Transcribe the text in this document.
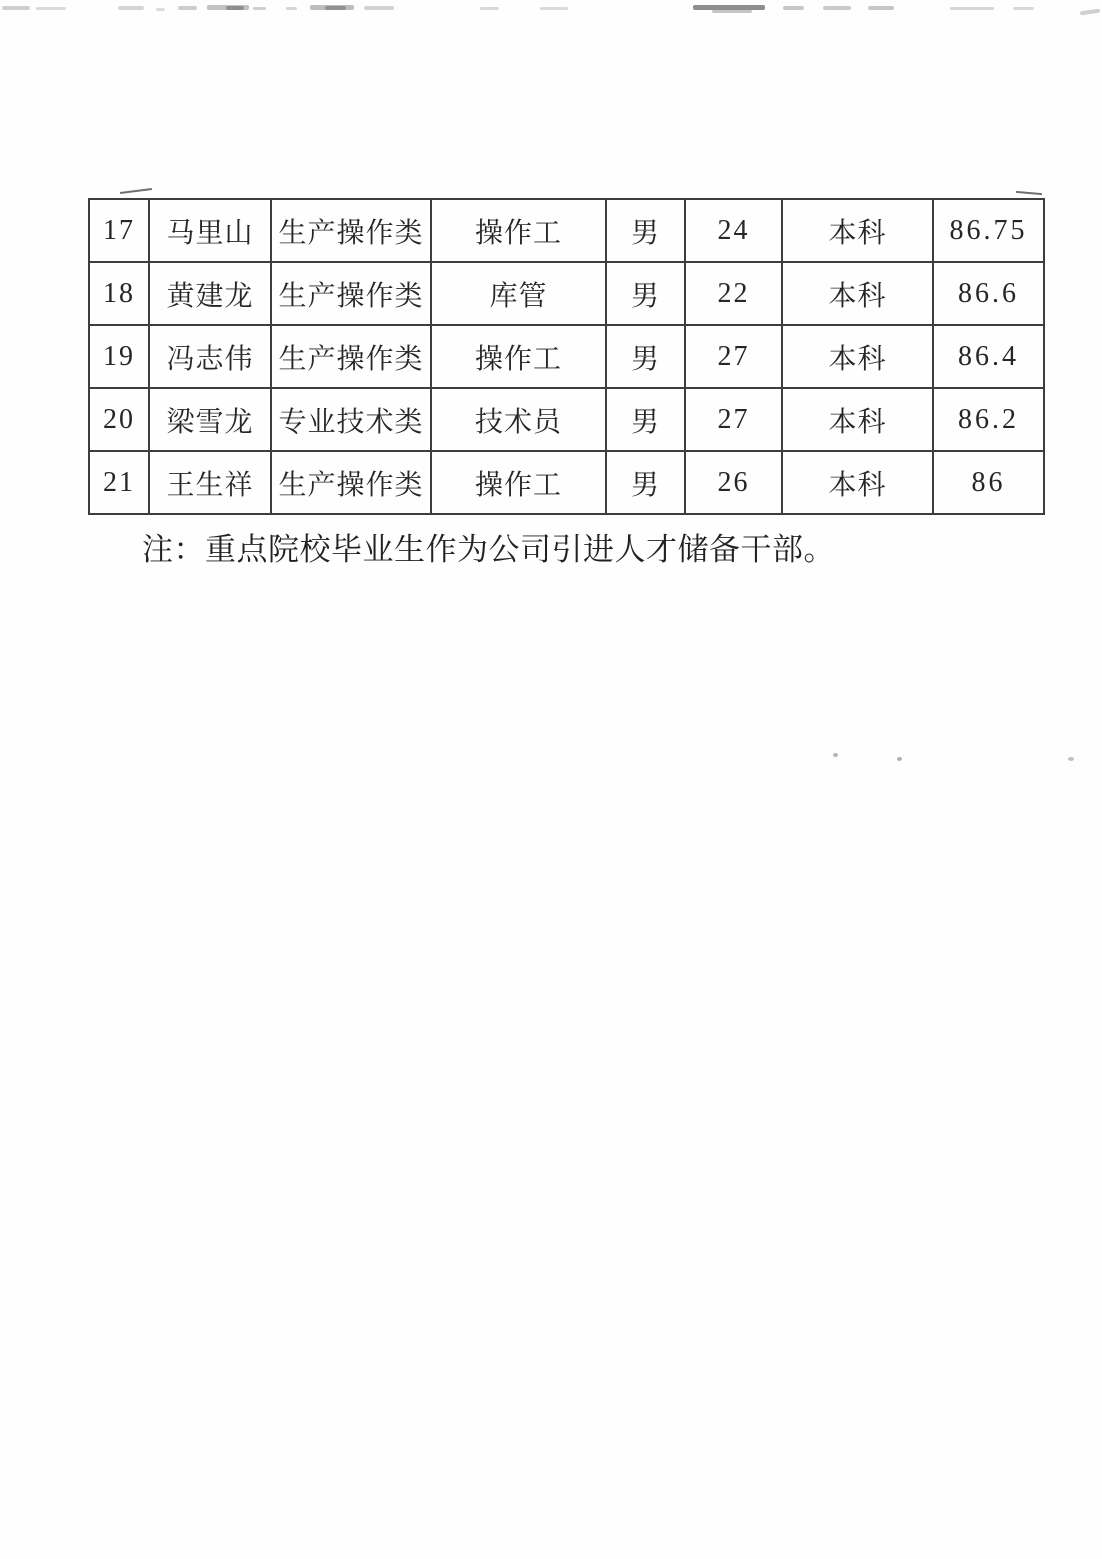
17	马里山	生产操作类	操作工	男	24	本科	86.75
18	黄建龙	生产操作类	库管	男	22	本科	86.6
19	冯志伟	生产操作类	操作工	男	27	本科	86.4
20	梁雪龙	专业技术类	技术员	男	27	本科	86.2
21	王生祥	生产操作类	操作工	男	26	本科	86
注：重点院校毕业生作为公司引进人才储备干部。
